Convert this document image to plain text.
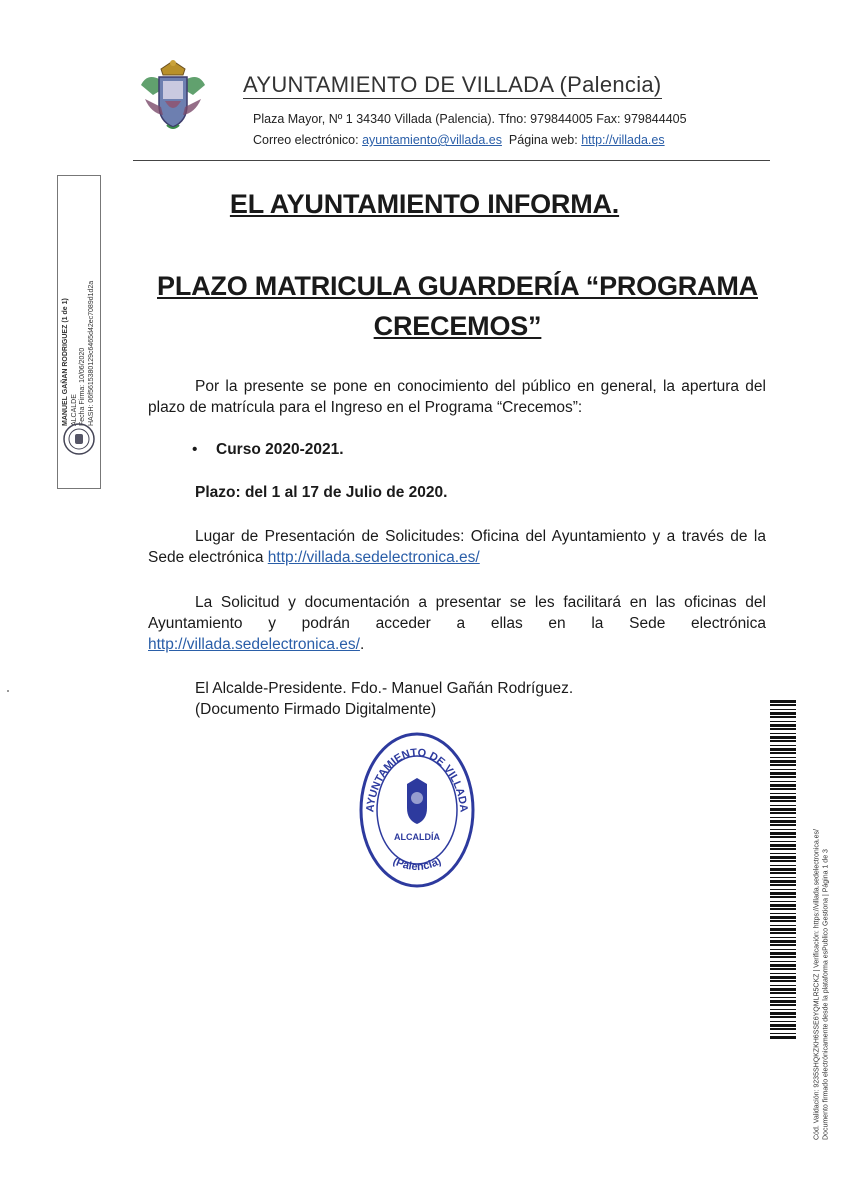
AYUNTAMIENTO DE VILLADA (Palencia)
Plaza Mayor, Nº 1 34340 Villada (Palencia). Tfno: 979844005 Fax: 979844405
Correo electrónico: ayuntamiento@villada.es Página web: http://villada.es
MANUEL GAÑAN RODRIGUEZ (1 de 1) ALCALDE Fecha Firma: 10/06/2020 HASH: 06f5615380129c6465d42ec7089d1d2a
EL AYUNTAMIENTO INFORMA.
PLAZO MATRICULA GUARDERÍA “PROGRAMA CRECEMOS”
Por la presente se pone en conocimiento del público en general, la apertura del plazo de matrícula para el Ingreso en el Programa “Crecemos”:
• Curso 2020-2021.
Plazo: del 1 al 17 de Julio de 2020.
Lugar de Presentación de Solicitudes: Oficina del Ayuntamiento y a través de la Sede electrónica http://villada.sedelectronica.es/
La Solicitud y documentación a presentar se les facilitará en las oficinas del Ayuntamiento y podrán acceder a ellas en la Sede electrónica http://villada.sedelectronica.es/.
El Alcalde-Presidente. Fdo.- Manuel Gañán Rodríguez.
(Documento Firmado Digitalmente)
AYUNTAMIENTO DE VILLADA
ALCALDÍA
(Palencia)	Cód. Validación: 9235SHQKZKH6SSE6YQMLR5CKZ | Verificación: https://villada.sedelectronica.es/ Documento firmado electrónicamente desde la plataforma esPublico Gestiona | Página 1 de 3
